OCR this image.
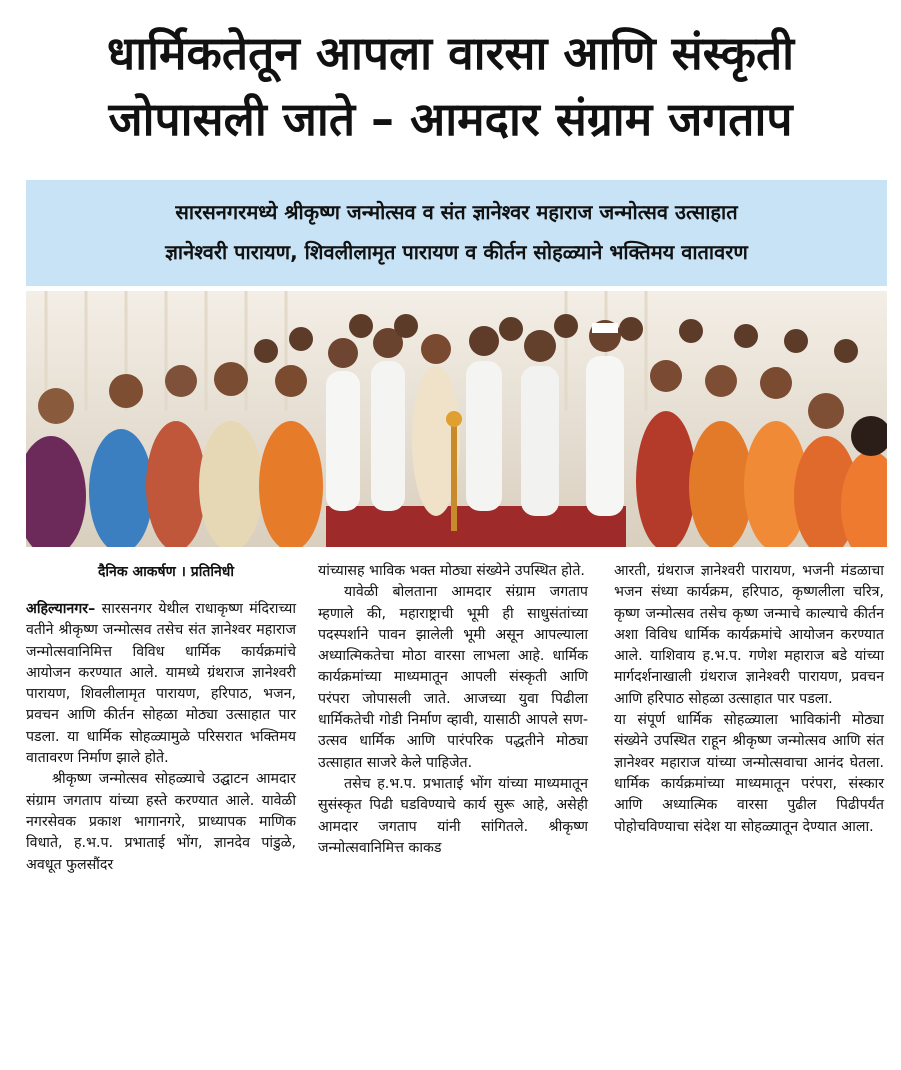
धार्मिकतेतून आपला वारसा आणि संस्कृती
जोपासली जाते – आमदार संग्राम जगताप
सारसनगरमध्ये श्रीकृष्ण जन्मोत्सव व संत ज्ञानेश्वर महाराज जन्मोत्सव उत्साहात
ज्ञानेश्वरी पारायण, शिवलीलामृत पारायण व कीर्तन सोहळ्याने भक्तिमय वातावरण
दैनिक आकर्षण । प्रतिनिधी

अहिल्यानगर– सारसनगर येथील राधाकृष्ण मंदिराच्या वतीने श्रीकृष्ण जन्मोत्सव तसेच संत ज्ञानेश्वर महाराज जन्मोत्सवानिमित्त विविध धार्मिक कार्यक्रमांचे आयोजन करण्यात आले. यामध्ये ग्रंथराज ज्ञानेश्वरी पारायण, शिवलीलामृत पारायण, हरिपाठ, भजन, प्रवचन आणि कीर्तन सोहळा मोठ्या उत्साहात पार पडला. या धार्मिक सोहळ्यामुळे परिसरात भक्तिमय वातावरण निर्माण झाले होते.

श्रीकृष्ण जन्मोत्सव सोहळ्याचे उद्घाटन आमदार संग्राम जगताप यांच्या हस्ते करण्यात आले. यावेळी नगरसेवक प्रकाश भागानगरे, प्राध्यापक माणिक विधाते, ह.भ.प. प्रभाताई भोंग, ज्ञानदेव पांडुळे, अवधूत फुलसौंदर

यांच्यासह भाविक भक्त मोठ्या संख्येने उपस्थित होते.

यावेळी बोलताना आमदार संग्राम जगताप म्हणाले की, महाराष्ट्राची भूमी ही साधुसंतांच्या पदस्पर्शाने पावन झालेली भूमी असून आपल्याला अध्यात्मिकतेचा मोठा वारसा लाभला आहे. धार्मिक कार्यक्रमांच्या माध्यमातून आपली संस्कृती आणि परंपरा जोपासली जाते. आजच्या युवा पिढीला धार्मिकतेची गोडी निर्माण व्हावी, यासाठी आपले सण-उत्सव धार्मिक आणि पारंपरिक पद्धतीने मोठ्या उत्साहात साजरे केले पाहिजेत.

तसेच ह.भ.प. प्रभाताई भोंग यांच्या माध्यमातून सुसंस्कृत पिढी घडविण्याचे कार्य सुरू आहे, असेही आमदार जगताप यांनी सांगितले. श्रीकृष्ण जन्मोत्सवानिमित्त काकड

आरती, ग्रंथराज ज्ञानेश्वरी पारायण, भजनी मंडळाचा भजन संध्या कार्यक्रम, हरिपाठ, कृष्णलीला चरित्र, कृष्ण जन्मोत्सव तसेच कृष्ण जन्माचे काल्याचे कीर्तन अशा विविध धार्मिक कार्यक्रमांचे आयोजन करण्यात आले. याशिवाय ह.भ.प. गणेश महाराज बडे यांच्या मार्गदर्शनाखाली ग्रंथराज ज्ञानेश्वरी पारायण, प्रवचन आणि हरिपाठ सोहळा उत्साहात पार पडला.

या संपूर्ण धार्मिक सोहळ्याला भाविकांनी मोठ्या संख्येने उपस्थित राहून श्रीकृष्ण जन्मोत्सव आणि संत ज्ञानेश्वर महाराज यांच्या जन्मोत्सवाचा आनंद घेतला. धार्मिक कार्यक्रमांच्या माध्यमातून परंपरा, संस्कार आणि अध्यात्मिक वारसा पुढील पिढीपर्यंत पोहोचविण्याचा संदेश या सोहळ्यातून देण्यात आला.
